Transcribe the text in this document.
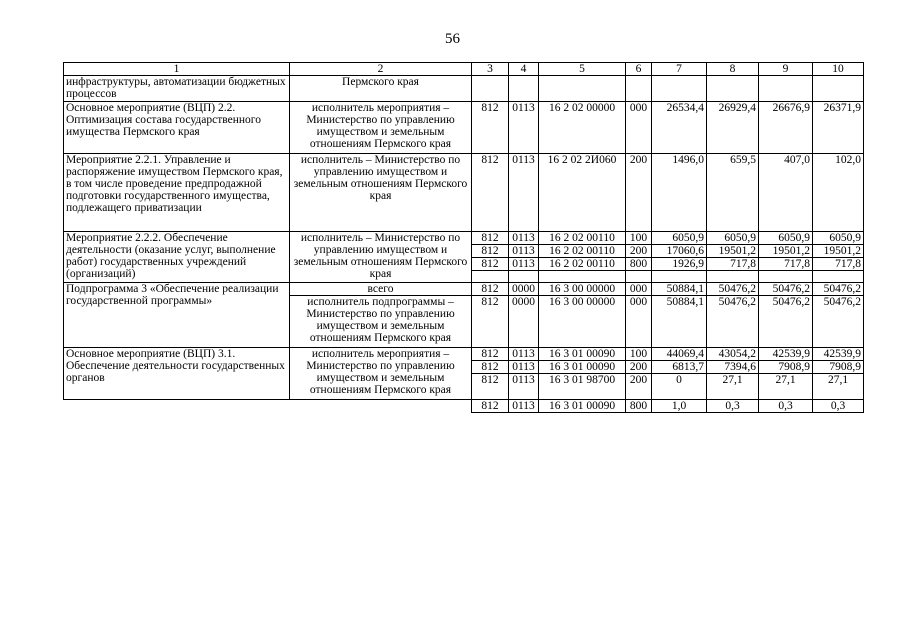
56
1	2	3	4	5	6	7	8	9	10
инфраструктуры, автоматизации бюджетных процессов	Пермского края								
Основное мероприятие (ВЦП) 2.2. Оптимизация состава государственного имущества Пермского края	исполнитель мероприятия – Министерство по управлению имуществом и земельным отношениям Пермского края	812	0113	16 2 02 00000	000	26534,4	26929,4	26676,9	26371,9
Мероприятие 2.2.1. Управление и распоряжение имуществом Пермского края, в том числе проведение предпродажной подготовки государственного имущества, подлежащего приватизации	исполнитель – Министерство по управлению имуществом и земельным отношениям Пермского края	812	0113	16 2 02 2И060	200	1496,0	659,5	407,0	102,0
Мероприятие 2.2.2. Обеспечение деятельности (оказание услуг, выполнение работ) государственных учреждений (организаций)	исполнитель – Министерство по управлению имуществом и земельным отношениям Пермского края	812	0113	16 2 02 00110	100	6050,9	6050,9	6050,9	6050,9
		812	0113	16 2 02 00110	200	17060,6	19501,2	19501,2	19501,2
		812	0113	16 2 02 00110	800	1926,9	717,8	717,8	717,8

Подпрограмма 3 «Обеспечение реализации государственной программы»	всего	812	0000	16 3 00 00000	000	50884,1	50476,2	50476,2	50476,2
	исполнитель подпрограммы – Министерство по управлению имуществом и земельным отношениям Пермского края	812	0000	16 3 00 00000	000	50884,1	50476,2	50476,2	50476,2
Основное мероприятие (ВЦП) 3.1. Обеспечение деятельности государственных органов	исполнитель мероприятия – Министерство по управлению имуществом и земельным отношениям Пермского края	812	0113	16 3 01 00090	100	44069,4	43054,2	42539,9	42539,9
		812	0113	16 3 01 00090	200	6813,7	7394,6	7908,9	7908,9
		812	0113	16 3 01 98700	200	0	27,1	27,1	27,1
		812	0113	16 3 01 00090	800	1,0	0,3	0,3	0,3
